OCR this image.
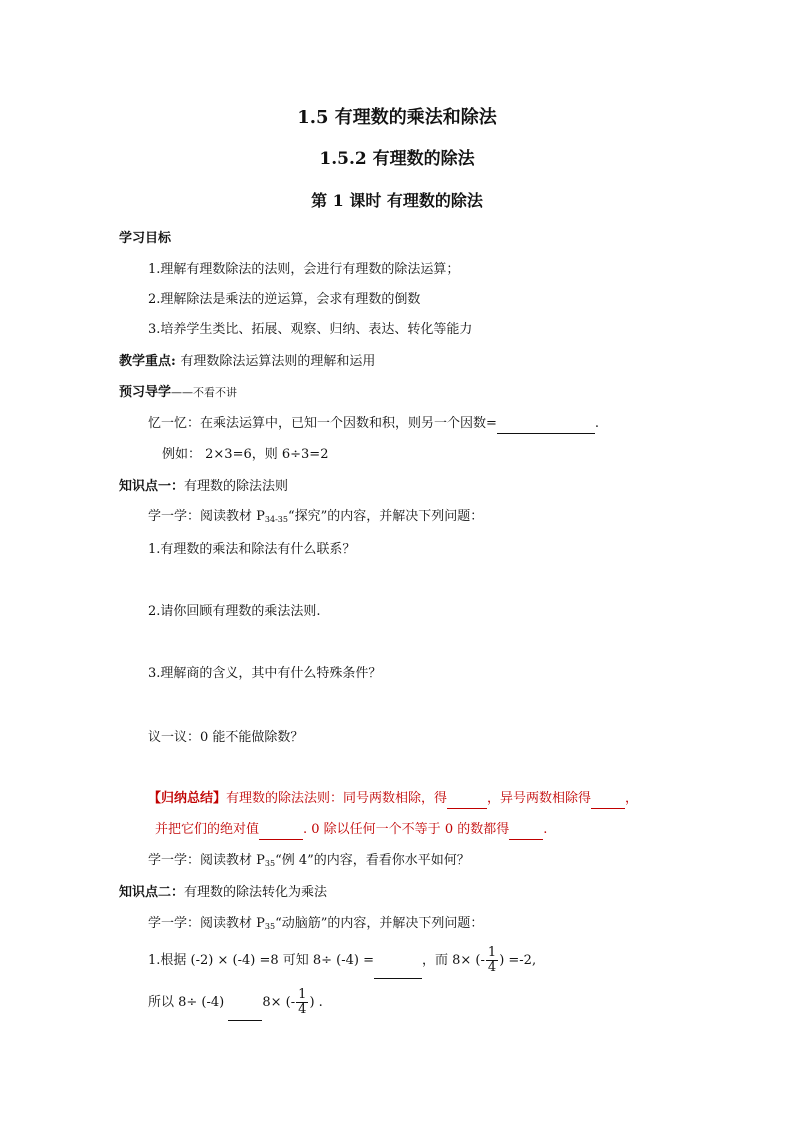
1.5 有理数的乘法和除法
1.5.2 有理数的除法
第 1 课时 有理数的除法
学习目标
1.理解有理数除法的法则，会进行有理数的除法运算；
2.理解除法是乘法的逆运算，会求有理数的倒数
3.培养学生类比、拓展、观察、归纳、表达、转化等能力
教学重点: 有理数除法运算法则的理解和运用
预习导学——不看不讲
忆一忆：在乘法运算中，已知一个因数和积，则另一个因数=	.
例如： 2×3=6，则 6÷3=2
知识点一：有理数的除法法则
学一学：阅读教材 $P_{34-35}“$探究”的内容，并解决下列问题：
1.有理数的乘法和除法有什么联系？
2.请你回顾有理数的乘法法则.
3.理解商的含义，其中有什么特殊条件？
议一议：0 能不能做除数？
【归纳总结】有理数的除法法则：同号两数相除，得	，异号两数相除得	，
并把它们的绝对值	. 0 除以任何一个不等于 0 的数都得	.
学一学：阅读教材 $P_{35}“$例 4”的内容，看看你水平如何？
知识点二：有理数的除法转化为乘法
学一学：阅读教材 $P_{35}“$动脑筋”的内容，并解决下列问题：
1.根据 (-2) × (-4) =8 可知 8÷ (-4) =	，而 8× (- $\frac{1}{4}$ ) =-2,
所以 8÷ (-4)	8× (- $\frac{1}{4}$ ) .
